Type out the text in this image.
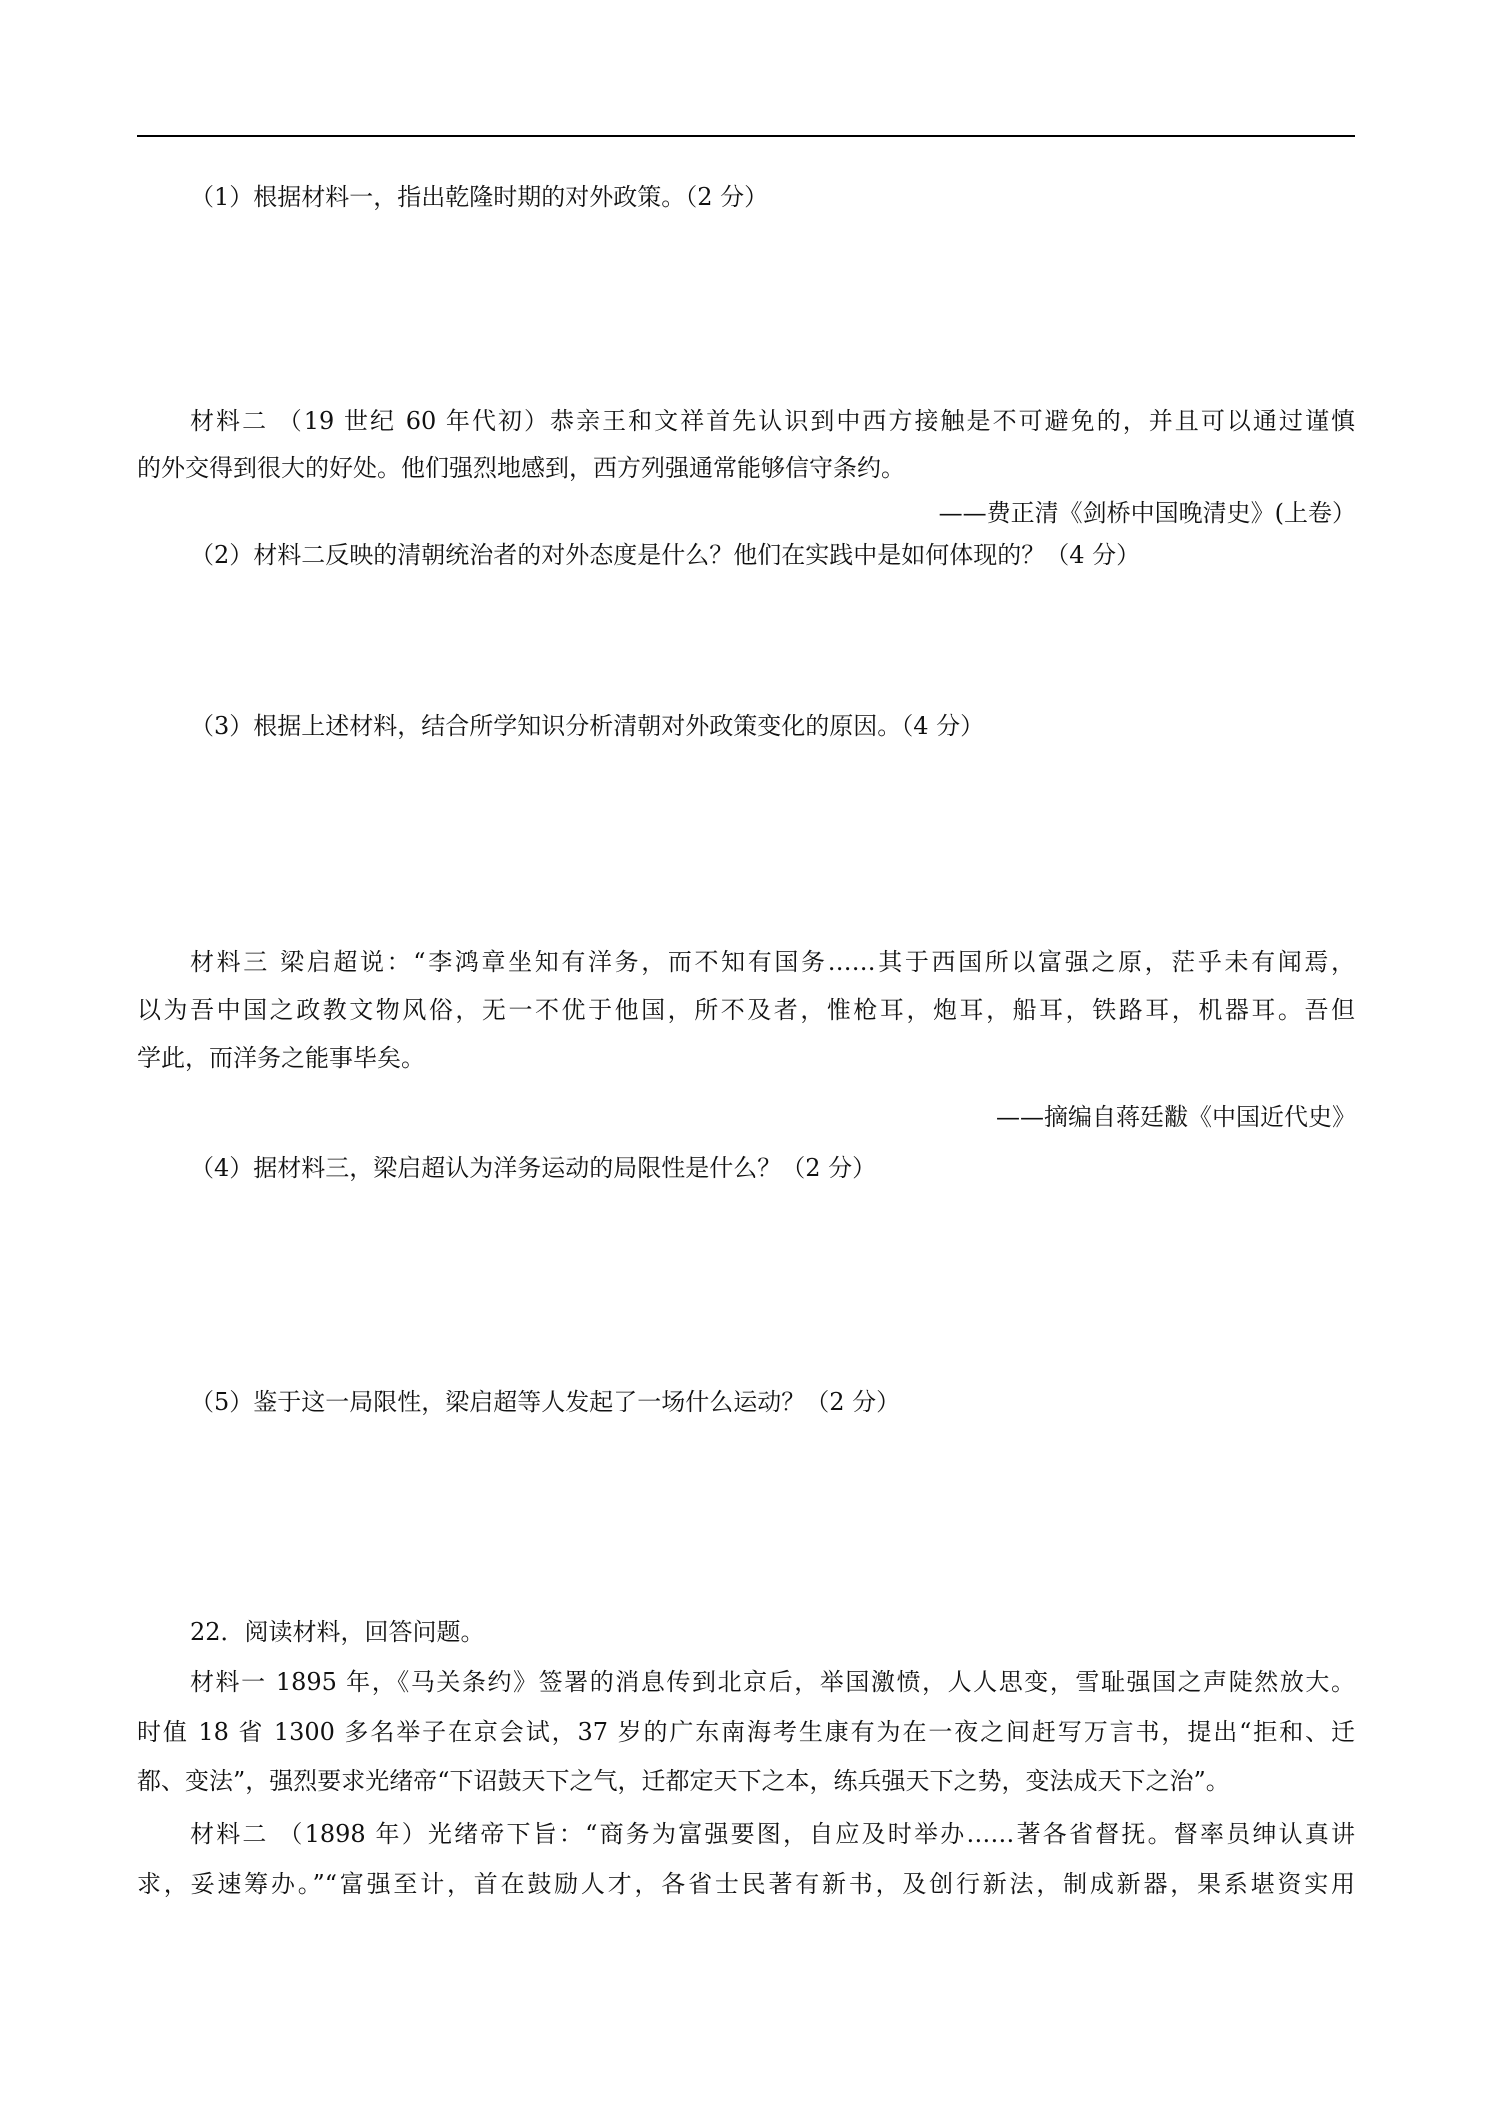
（1）根据材料一，指出乾隆时期的对外政策。（2 分）
材料二 （19 世纪 60 年代初）恭亲王和文祥首先认识到中西方接触是不可避免的，并且可以通过谨慎
的外交得到很大的好处。他们强烈地感到，西方列强通常能够信守条约。
——费正清《剑桥中国晚清史》(上卷）
（2）材料二反映的清朝统治者的对外态度是什么？他们在实践中是如何体现的？（4 分）
（3）根据上述材料，结合所学知识分析清朝对外政策变化的原因。（4 分）
材料三 梁启超说：“李鸿章坐知有洋务，而不知有国务……其于西国所以富强之原，茫乎未有闻焉，
以为吾中国之政教文物风俗，无一不优于他国，所不及者，惟枪耳，炮耳，船耳，铁路耳，机器耳。吾但
学此，而洋务之能事毕矣。
——摘编自蒋廷黻《中国近代史》
（4）据材料三，梁启超认为洋务运动的局限性是什么？（2 分）
（5）鉴于这一局限性，梁启超等人发起了一场什么运动？（2 分）
22．阅读材料，回答问题。
材料一 1895 年，《马关条约》签署的消息传到北京后，举国激愤，人人思变，雪耻强国之声陡然放大。
时值 18 省 1300 多名举子在京会试，37 岁的广东南海考生康有为在一夜之间赶写万言书，提出“拒和、迁
都、变法”，强烈要求光绪帝“下诏鼓天下之气，迁都定天下之本，练兵强天下之势，变法成天下之治”。
材料二 （1898 年）光绪帝下旨：“商务为富强要图，自应及时举办……著各省督抚。督率员绅认真讲
求，妥速筹办。”“富强至计，首在鼓励人才，各省士民著有新书，及创行新法，制成新器，果系堪资实用
